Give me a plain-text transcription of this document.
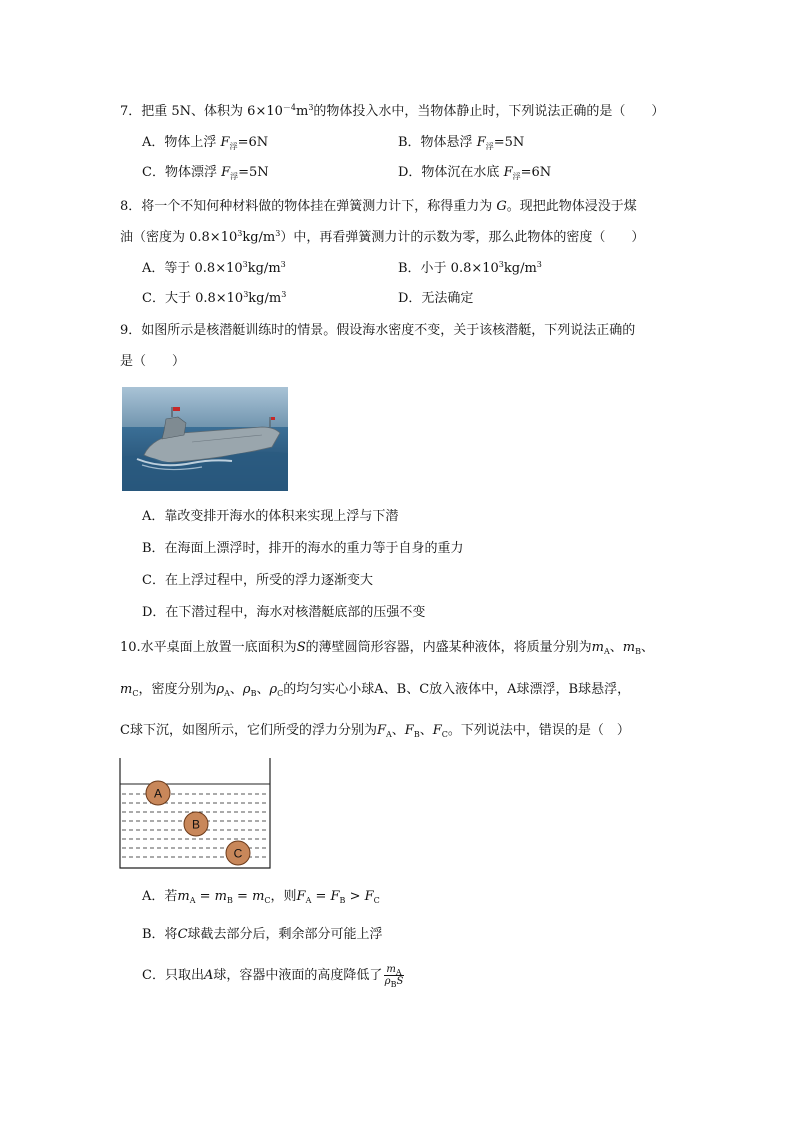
7．把重 5N、体积为 $6\times 10^{-4}m^3$的物体投入水中，当物体静止时，下列说法正确的是（　　）
A．物体上浮 $F_浮=6N$	B．物体悬浮 $F_浮=5N$
C．物体漂浮 $F_浮=5N$	D．物体沉在水底 $F_浮=6N$
8．将一个不知何种材料做的物体挂在弹簧测力计下，称得重力为 G。现把此物体浸没于煤
油（密度为 $0.8\times 10^3kg/m^3$）中，再看弹簧测力计的示数为零，那么此物体的密度（　　）
A．等于 $0.8\times 10^3kg/m^3$	B．小于 $0.8\times 10^3kg/m^3$
C．大于 $0.8\times 10^3kg/m^3$	D．无法确定
9．如图所示是核潜艇训练时的情景。假设海水密度不变，关于该核潜艇，下列说法正确的
是（　　）
A．靠改变排开海水的体积来实现上浮与下潜
B．在海面上漂浮时，排开的海水的重力等于自身的重力
C．在上浮过程中，所受的浮力逐渐变大
D．在下潜过程中，海水对核潜艇底部的压强不变
10.水平桌面上放置一底面积为S的薄壁圆筒形容器，内盛某种液体，将质量分别为$m_A$、$m_B$、
$m_C$，密度分别为$\rho_A$、$\rho_B$、$\rho_C$的均匀实心小球A、B、C放入液体中，A球漂浮，B球悬浮，
C球下沉，如图所示，它们所受的浮力分别为$F_A$、$F_B$、$F_C$。下列说法中，错误的是（　）
A
B
C
A．若$m_A = m_B = m_C$，则$F_A = F_B > F_C$
B．将C球截去部分后，剩余部分可能上浮
C．只取出A球，容器中液面的高度降低了 $\frac{m_A}{\rho_BS}$
